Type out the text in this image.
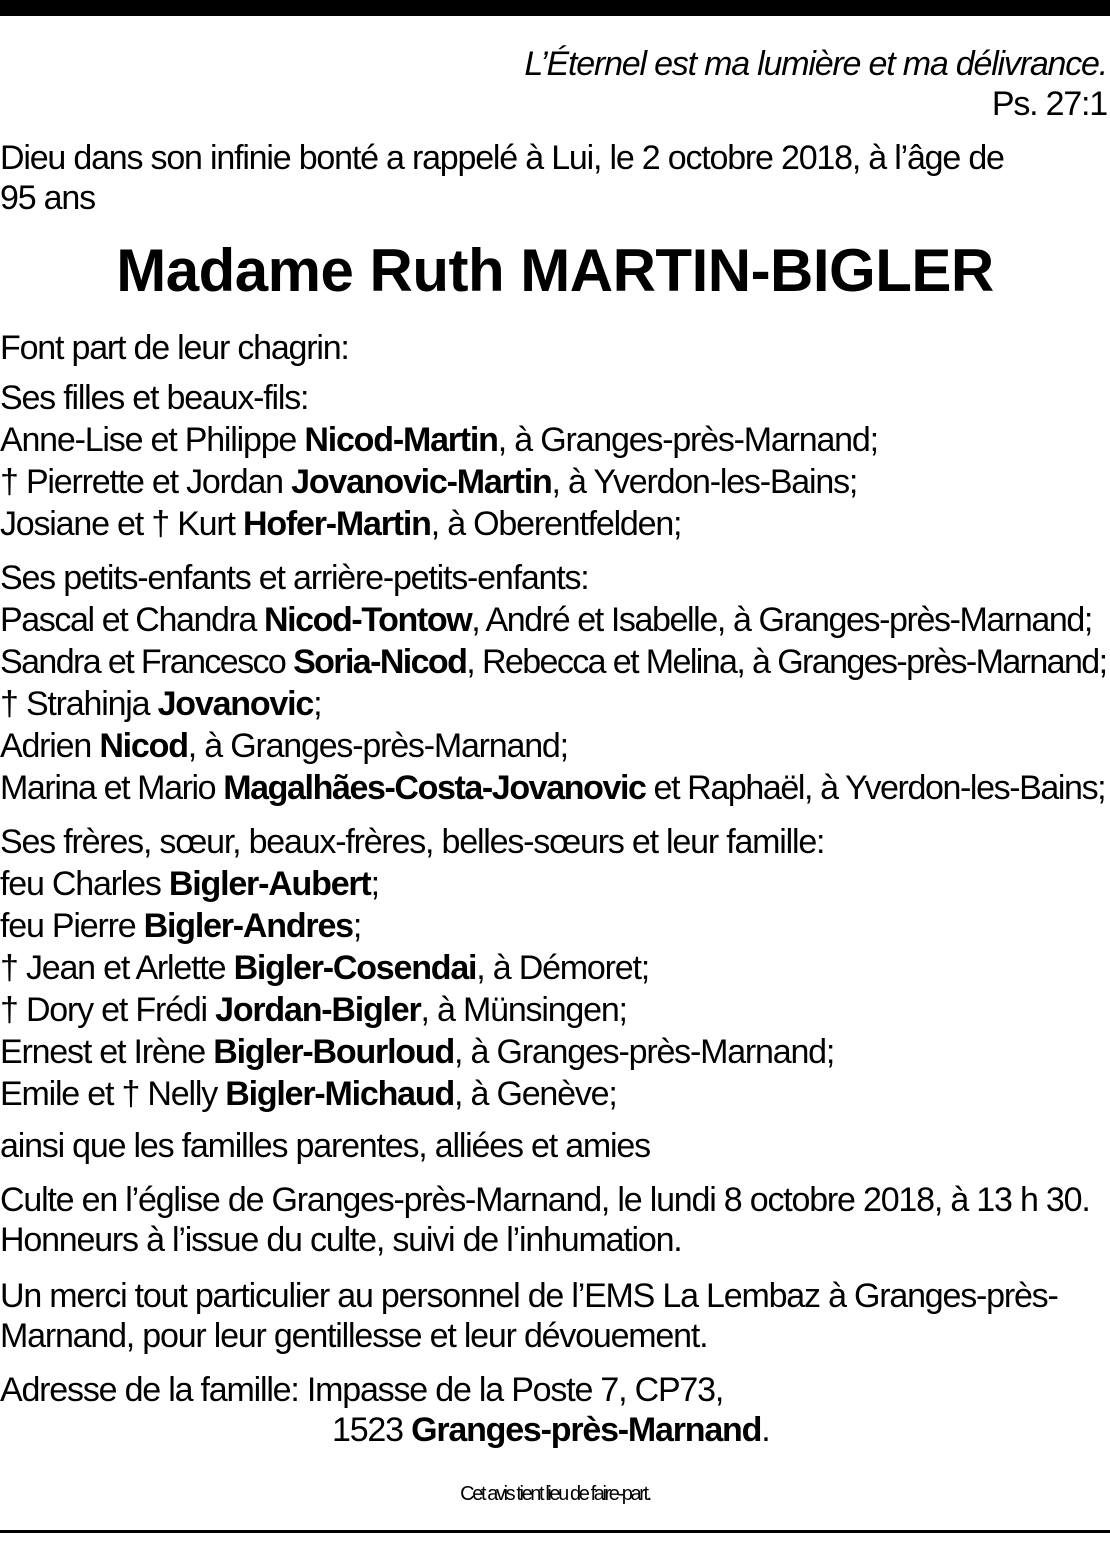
L’Éternel est ma lumière et ma délivrance.
Ps. 27:1
Dieu dans son infinie bonté a rappelé à Lui, le 2 octobre 2018, à l’âge de
95 ans
Madame Ruth MARTIN-BIGLER
Font part de leur chagrin:
Ses filles et beaux-fils:
Anne-Lise et Philippe Nicod-Martin, à Granges-près-Marnand;
† Pierrette et Jordan Jovanovic-Martin, à Yverdon-les-Bains;
Josiane et † Kurt Hofer-Martin, à Oberentfelden;
Ses petits-enfants et arrière-petits-enfants:
Pascal et Chandra Nicod-Tontow, André et Isabelle, à Granges-près-Marnand;
Sandra et Francesco Soria-Nicod, Rebecca et Melina, à Granges-près-Marnand;
† Strahinja Jovanovic;
Adrien Nicod, à Granges-près-Marnand;
Marina et Mario Magalhães-Costa-Jovanovic et Raphaël, à Yverdon-les-Bains;
Ses frères, sœur, beaux-frères, belles-sœurs et leur famille:
feu Charles Bigler-Aubert;
feu Pierre Bigler-Andres;
† Jean et Arlette Bigler-Cosendai, à Démoret;
† Dory et Frédi Jordan-Bigler, à Münsingen;
Ernest et Irène Bigler-Bourloud, à Granges-près-Marnand;
Emile et † Nelly Bigler-Michaud, à Genève;
ainsi que les familles parentes, alliées et amies
Culte en l’église de Granges-près-Marnand, le lundi 8 octobre 2018, à 13 h 30.
Honneurs à l’issue du culte, suivi de l’inhumation.
Un merci tout particulier au personnel de l’EMS La Lembaz à Granges-près-
Marnand, pour leur gentillesse et leur dévouement.
Adresse de la famille: Impasse de la Poste 7, CP73,
1523 Granges-près-Marnand.
Cet avis tient lieu de faire-part.
